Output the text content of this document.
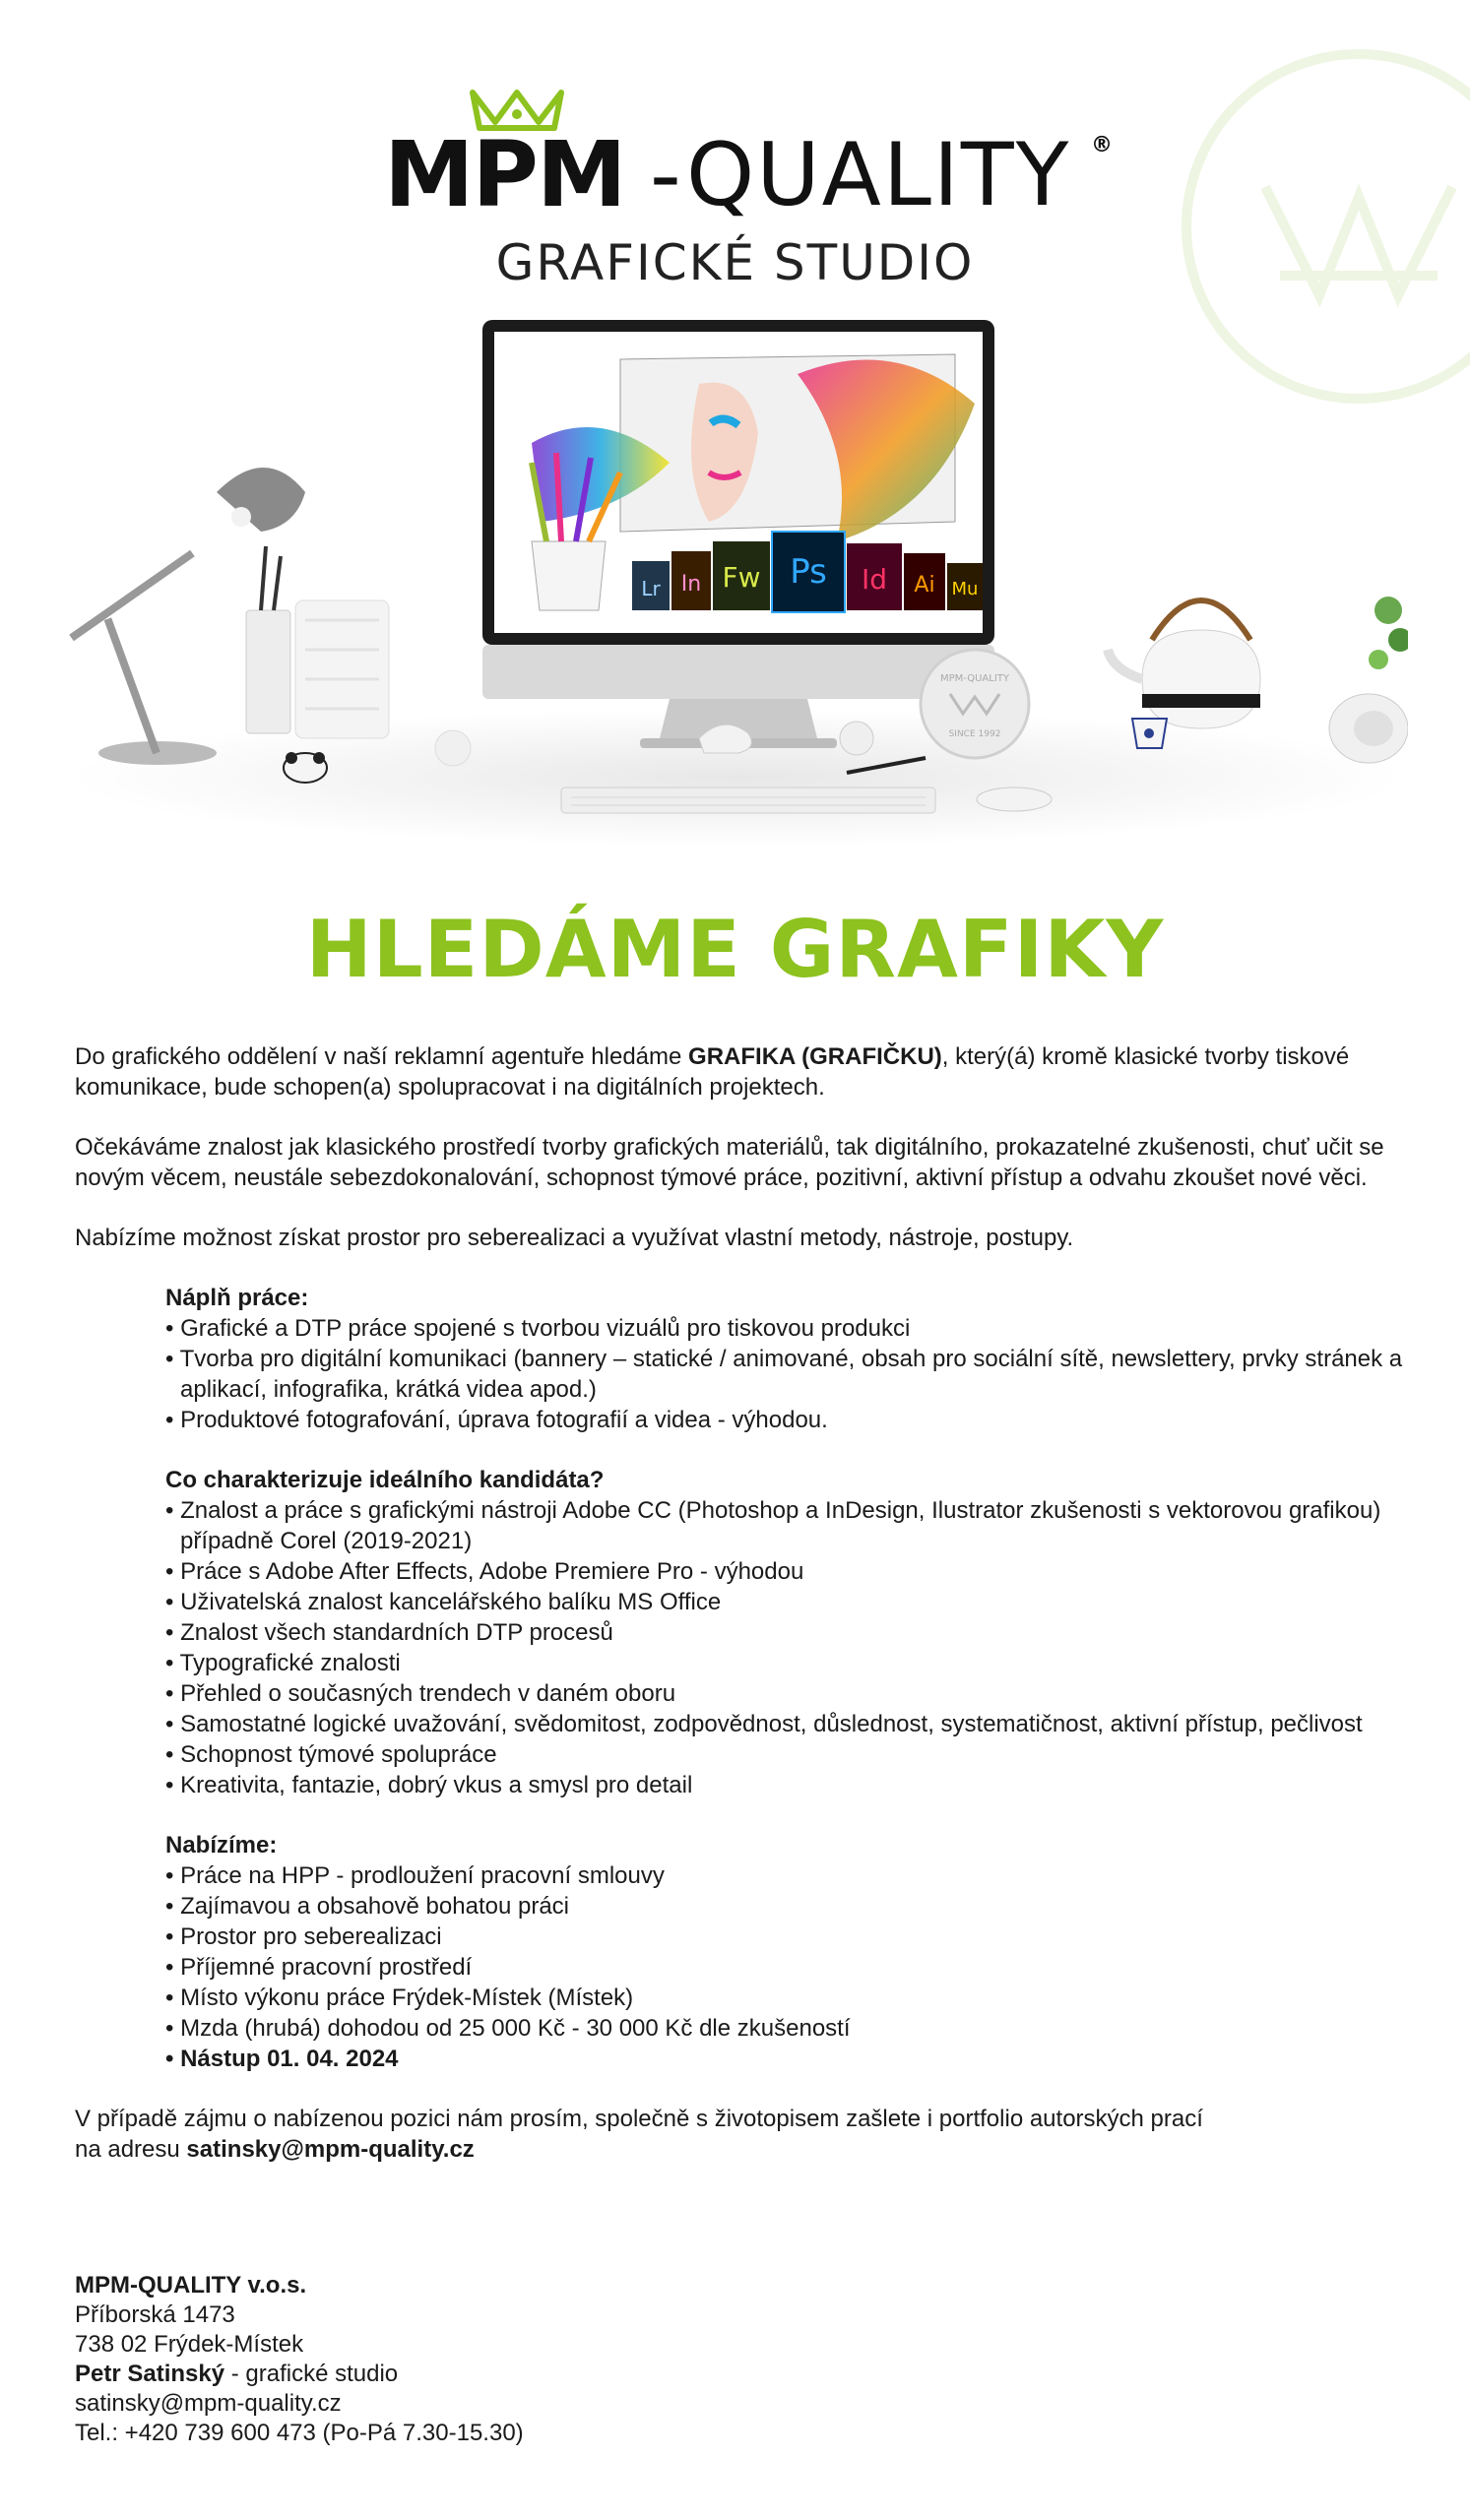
MPM -QUALITY ®
GRAFICKÉ STUDIO
Lr In Fw Ps Id Ai Mu
MPM-QUALITY
SINCE 1992
HLEDÁME GRAFIKY

Do grafického oddělení v naší reklamní agentuře hledáme GRAFIKA (GRAFIČKU), který(á) kromě klasické tvorby tiskové komunikace, bude schopen(a) spolupracovat i na digitálních projektech.

Očekáváme znalost jak klasického prostředí tvorby grafických materiálů, tak digitálního, prokazatelné zkušenosti, chuť učit se novým věcem, neustále sebezdokonalování, schopnost týmové práce, pozitivní, aktivní přístup a odvahu zkoušet nové věci.

Nabízíme možnost získat prostor pro seberealizaci a využívat vlastní metody, nástroje, postupy.

Náplň práce:

• Grafické a DTP práce spojené s tvorbou vizuálů pro tiskovou produkci

• Tvorba pro digitální komunikaci (bannery – statické / animované, obsah pro sociální sítě, newslettery, prvky stránek a aplikací, infografika, krátká videa apod.)

• Produktové fotografování, úprava fotografií a videa - výhodou.

Co charakterizuje ideálního kandidáta?

• Znalost a práce s grafickými nástroji Adobe CC (Photoshop a InDesign, Ilustrator zkušenosti s vektorovou grafikou) případně Corel (2019-2021)

• Práce s Adobe After Effects, Adobe Premiere Pro - výhodou

• Uživatelská znalost kancelářského balíku MS Office

• Znalost všech standardních DTP procesů

• Typografické znalosti

• Přehled o současných trendech v daném oboru

• Samostatné logické uvažování, svědomitost, zodpovědnost, důslednost, systematičnost, aktivní přístup, pečlivost

• Schopnost týmové spolupráce

• Kreativita, fantazie, dobrý vkus a smysl pro detail

Nabízíme:

• Práce na HPP - prodloužení pracovní smlouvy

• Zajímavou a obsahově bohatou práci

• Prostor pro seberealizaci

• Příjemné pracovní prostředí

• Místo výkonu práce Frýdek-Místek (Místek)

• Mzda (hrubá) dohodou od 25 000 Kč - 30 000 Kč dle zkušeností

• Nástup 01. 04. 2024

V případě zájmu o nabízenou pozici nám prosím, společně s životopisem zašlete i portfolio autorských prací

na adresu satinsky@mpm-quality.cz

MPM-QUALITY v.o.s.

Příborská 1473

738 02 Frýdek-Místek

Petr Satinský - grafické studio

satinsky@mpm-quality.cz

Tel.: +420 739 600 473 (Po-Pá 7.30-15.30)
